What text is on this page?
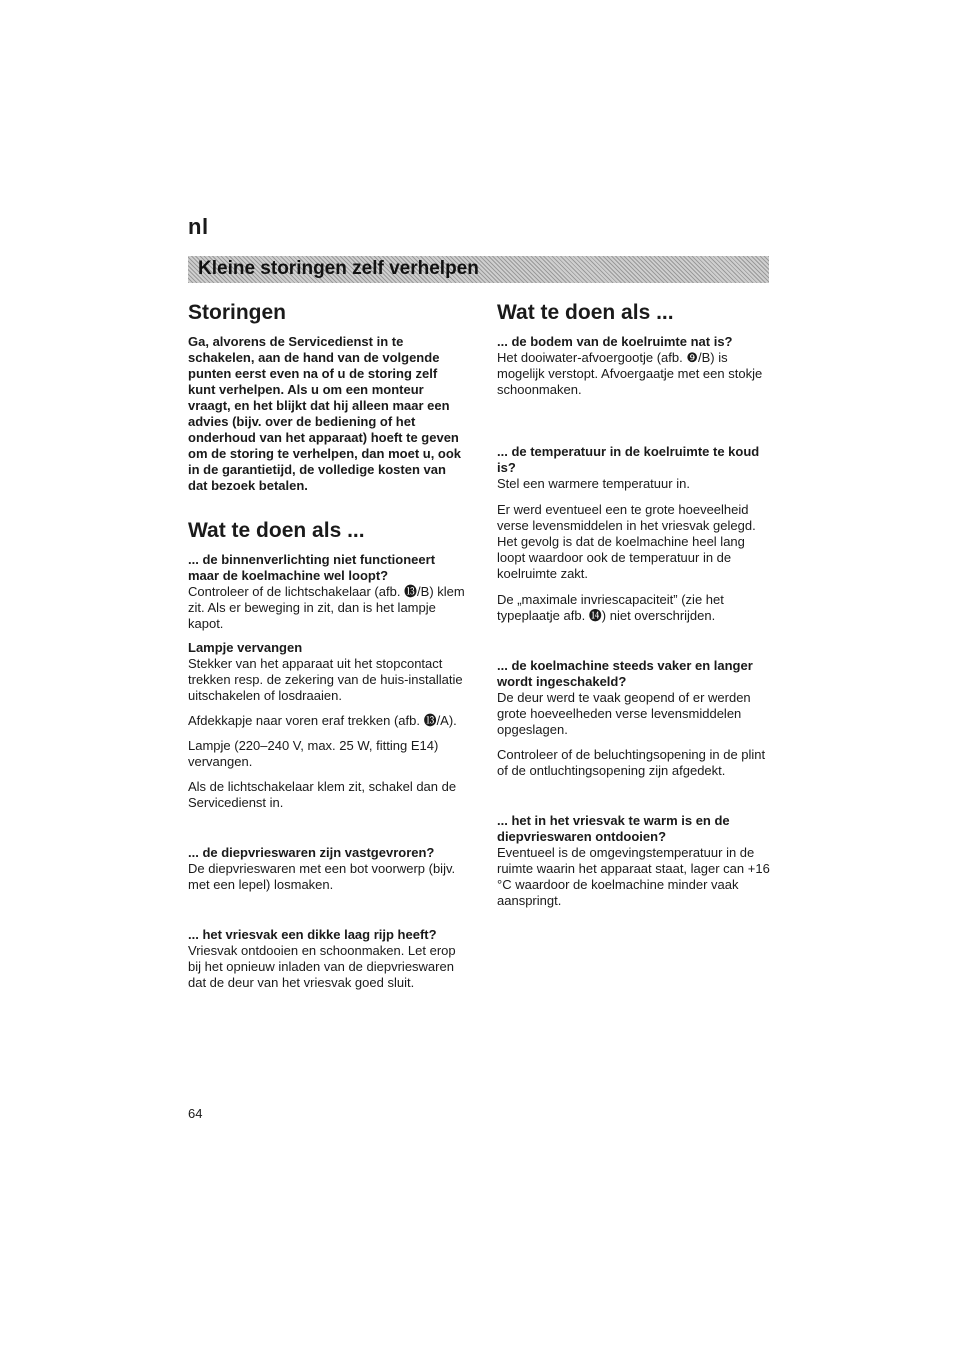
nl
Kleine storingen zelf verhelpen
Storingen

Ga, alvorens de Servicedienst in te schakelen, aan de hand van de volgende punten eerst even na of u de storing zelf kunt verhelpen. Als u om een monteur vraagt, en het blijkt dat hij alleen maar een advies (bijv. over de bediening of het onderhoud van het apparaat) hoeft te geven om de storing te verhelpen, dan moet u, ook in de garantietijd, de volledige kosten van dat bezoek betalen.

Wat te doen als ...

... de binnenverlichting niet functioneert maar de koelmachine wel loopt?

Controleer of de lichtschakelaar (afb. ⓭/B) klem zit. Als er beweging in zit, dan is het lampje kapot.

Lampje vervangen

Stekker van het apparaat uit het stopcontact trekken resp. de zekering van de huis-installatie uitschakelen of losdraaien.

Afdekkapje naar voren eraf trekken (afb. ⓭/A).

Lampje (220–240 V, max. 25 W, fitting E14) vervangen.

Als de lichtschakelaar klem zit, schakel dan de Servicedienst in.

... de diepvrieswaren zijn vastgevroren?

De diepvrieswaren met een bot voorwerp (bijv. met een lepel) losmaken.

... het vriesvak een dikke laag rijp heeft?

Vriesvak ontdooien en schoonmaken. Let erop bij het opnieuw inladen van de diepvrieswaren dat de deur van het vriesvak goed sluit.

Wat te doen als ...

... de bodem van de koelruimte nat is?

Het dooiwater-afvoergootje (afb. ❾/B) is mogelijk verstopt. Afvoergaatje met een stokje schoonmaken.

... de temperatuur in de koelruimte te koud is?

Stel een warmere temperatuur in.

Er werd eventueel een te grote hoeveelheid verse levensmiddelen in het vriesvak gelegd. Het gevolg is dat de koelmachine heel lang loopt waardoor ook de temperatuur in de koelruimte zakt.

De „maximale invriescapaciteit” (zie het typeplaatje afb. ⓮) niet overschrijden.

... de koelmachine steeds vaker en langer wordt ingeschakeld?

De deur werd te vaak geopend of er werden grote hoeveelheden verse levensmiddelen opgeslagen.

Controleer of de beluchtingsopening in de plint of de ontluchtingsopening zijn afgedekt.

... het in het vriesvak te warm is en de diepvrieswaren ontdooien?

Eventueel is de omgevingstemperatuur in de ruimte waarin het apparaat staat, lager can +16 °C waardoor de koelmachine minder vaak aanspringt.

64
